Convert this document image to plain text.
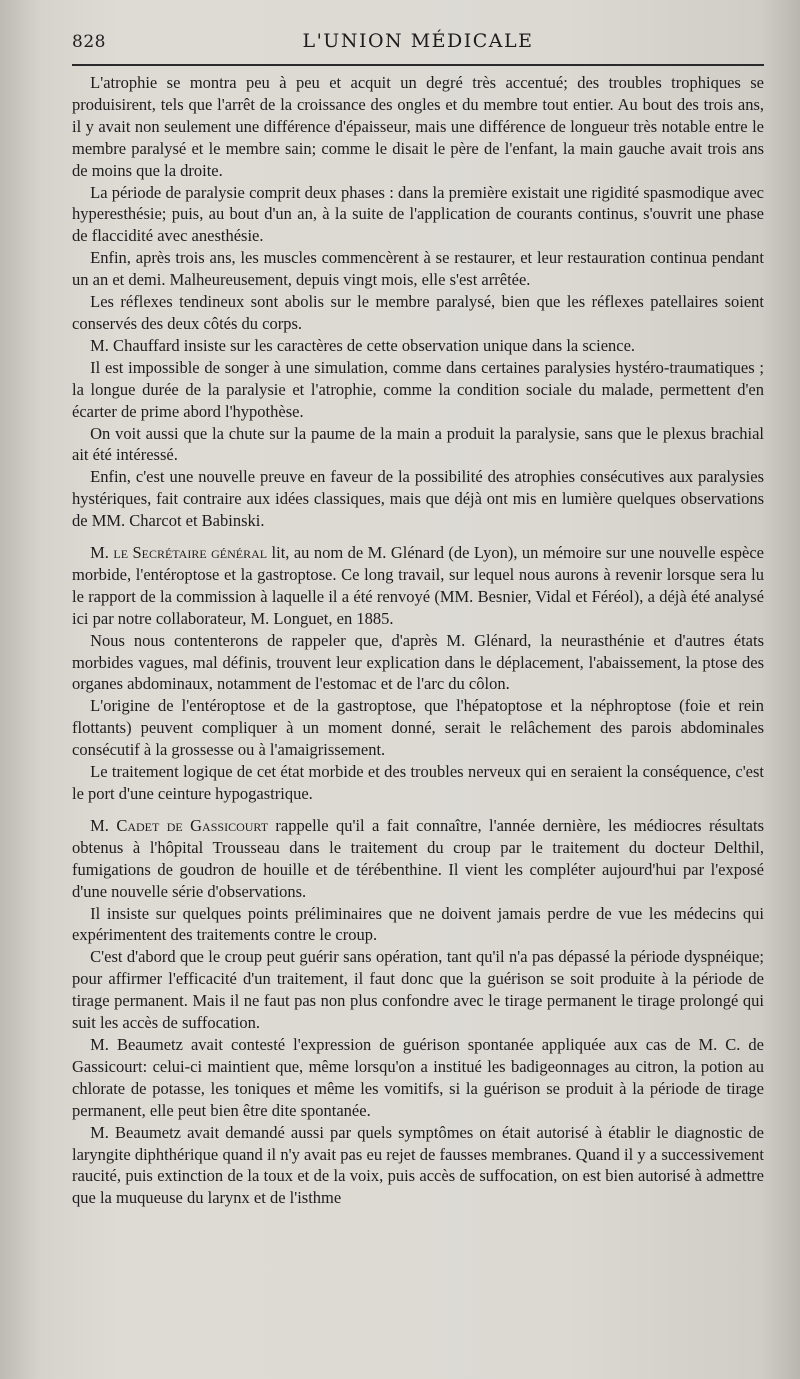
828	L'UNION MÉDICALE

L'atrophie se montra peu à peu et acquit un degré très accentué; des troubles trophiques se produisirent, tels que l'arrêt de la croissance des ongles et du membre tout entier. Au bout des trois ans, il y avait non seulement une différence d'épaisseur, mais une différence de longueur très notable entre le membre paralysé et le membre sain; comme le disait le père de l'enfant, la main gauche avait trois ans de moins que la droite.

La période de paralysie comprit deux phases : dans la première existait une rigidité spasmodique avec hyperesthésie; puis, au bout d'un an, à la suite de l'application de courants continus, s'ouvrit une phase de flaccidité avec anesthésie.

Enfin, après trois ans, les muscles commencèrent à se restaurer, et leur restauration continua pendant un an et demi. Malheureusement, depuis vingt mois, elle s'est arrêtée.

Les réflexes tendineux sont abolis sur le membre paralysé, bien que les réflexes patellaires soient conservés des deux côtés du corps.

M. Chauffard insiste sur les caractères de cette observation unique dans la science.

Il est impossible de songer à une simulation, comme dans certaines paralysies hystéro-traumatiques ; la longue durée de la paralysie et l'atrophie, comme la condition sociale du malade, permettent d'en écarter de prime abord l'hypothèse.

On voit aussi que la chute sur la paume de la main a produit la paralysie, sans que le plexus brachial ait été intéressé.

Enfin, c'est une nouvelle preuve en faveur de la possibilité des atrophies consécutives aux paralysies hystériques, fait contraire aux idées classiques, mais que déjà ont mis en lumière quelques observations de MM. Charcot et Babinski.

M. le Secrétaire général lit, au nom de M. Glénard (de Lyon), un mémoire sur une nouvelle espèce morbide, l'entéroptose et la gastroptose. Ce long travail, sur lequel nous aurons à revenir lorsque sera lu le rapport de la commission à laquelle il a été renvoyé (MM. Besnier, Vidal et Féréol), a déjà été analysé ici par notre collaborateur, M. Longuet, en 1885.

Nous nous contenterons de rappeler que, d'après M. Glénard, la neurasthénie et d'autres états morbides vagues, mal définis, trouvent leur explication dans le déplacement, l'abaissement, la ptose des organes abdominaux, notamment de l'estomac et de l'arc du côlon.

L'origine de l'entéroptose et de la gastroptose, que l'hépatoptose et la néphroptose (foie et rein flottants) peuvent compliquer à un moment donné, serait le relâchement des parois abdominales consécutif à la grossesse ou à l'amaigrissement.

Le traitement logique de cet état morbide et des troubles nerveux qui en seraient la conséquence, c'est le port d'une ceinture hypogastrique.

M. Cadet de Gassicourt rappelle qu'il a fait connaître, l'année dernière, les médiocres résultats obtenus à l'hôpital Trousseau dans le traitement du croup par le traitement du docteur Delthil, fumigations de goudron de houille et de térébenthine. Il vient les compléter aujourd'hui par l'exposé d'une nouvelle série d'observations.

Il insiste sur quelques points préliminaires que ne doivent jamais perdre de vue les médecins qui expérimentent des traitements contre le croup.

C'est d'abord que le croup peut guérir sans opération, tant qu'il n'a pas dépassé la période dyspnéique; pour affirmer l'efficacité d'un traitement, il faut donc que la guérison se soit produite à la période de tirage permanent. Mais il ne faut pas non plus confondre avec le tirage permanent le tirage prolongé qui suit les accès de suffocation.

M. Beaumetz avait contesté l'expression de guérison spontanée appliquée aux cas de M. C. de Gassicourt: celui-ci maintient que, même lorsqu'on a institué les badigeonnages au citron, la potion au chlorate de potasse, les toniques et même les vomitifs, si la guérison se produit à la période de tirage permanent, elle peut bien être dite spontanée.

M. Beaumetz avait demandé aussi par quels symptômes on était autorisé à établir le diagnostic de laryngite diphthérique quand il n'y avait pas eu rejet de fausses membranes. Quand il y a successivement raucité, puis extinction de la toux et de la voix, puis accès de suffocation, on est bien autorisé à admettre que la muqueuse du larynx et de l'isthme
